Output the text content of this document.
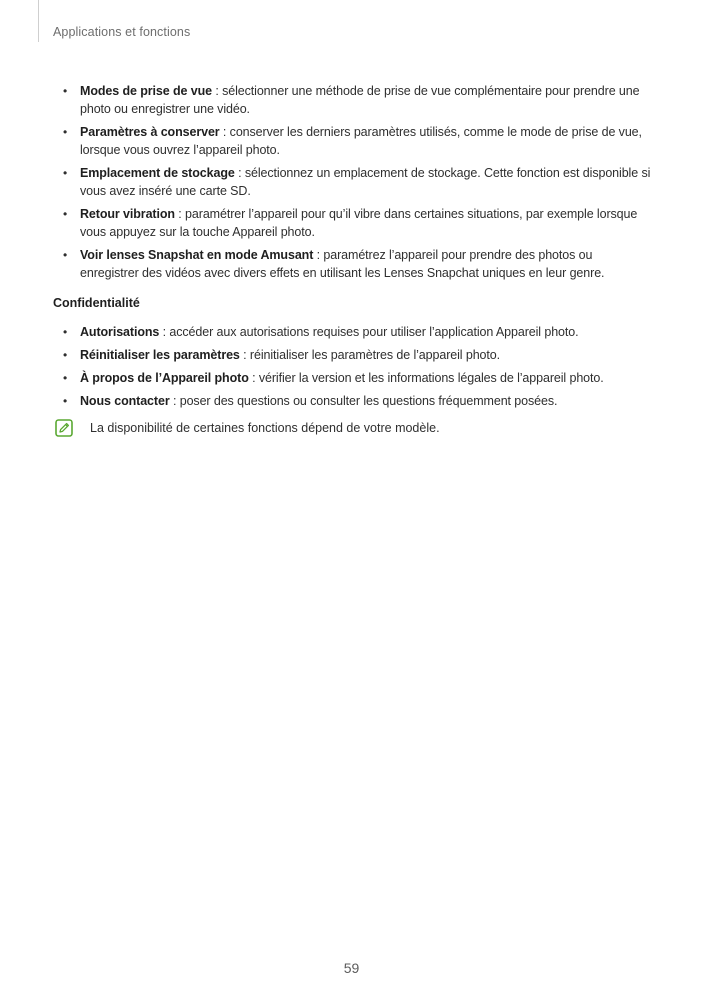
Applications et fonctions
• Modes de prise de vue : sélectionner une méthode de prise de vue complémentaire pour prendre une photo ou enregistrer une vidéo.
• Paramètres à conserver : conserver les derniers paramètres utilisés, comme le mode de prise de vue, lorsque vous ouvrez l’appareil photo.
• Emplacement de stockage : sélectionnez un emplacement de stockage. Cette fonction est disponible si vous avez inséré une carte SD.
• Retour vibration : paramétrer l’appareil pour qu’il vibre dans certaines situations, par exemple lorsque vous appuyez sur la touche Appareil photo.
• Voir lenses Snapshat en mode Amusant : paramétrez l’appareil pour prendre des photos ou enregistrer des vidéos avec divers effets en utilisant les Lenses Snapchat uniques en leur genre.
Confidentialité
• Autorisations : accéder aux autorisations requises pour utiliser l’application Appareil photo.
• Réinitialiser les paramètres : réinitialiser les paramètres de l’appareil photo.
• À propos de l’Appareil photo : vérifier la version et les informations légales de l’appareil photo.
• Nous contacter : poser des questions ou consulter les questions fréquemment posées.
La disponibilité de certaines fonctions dépend de votre modèle.
59
